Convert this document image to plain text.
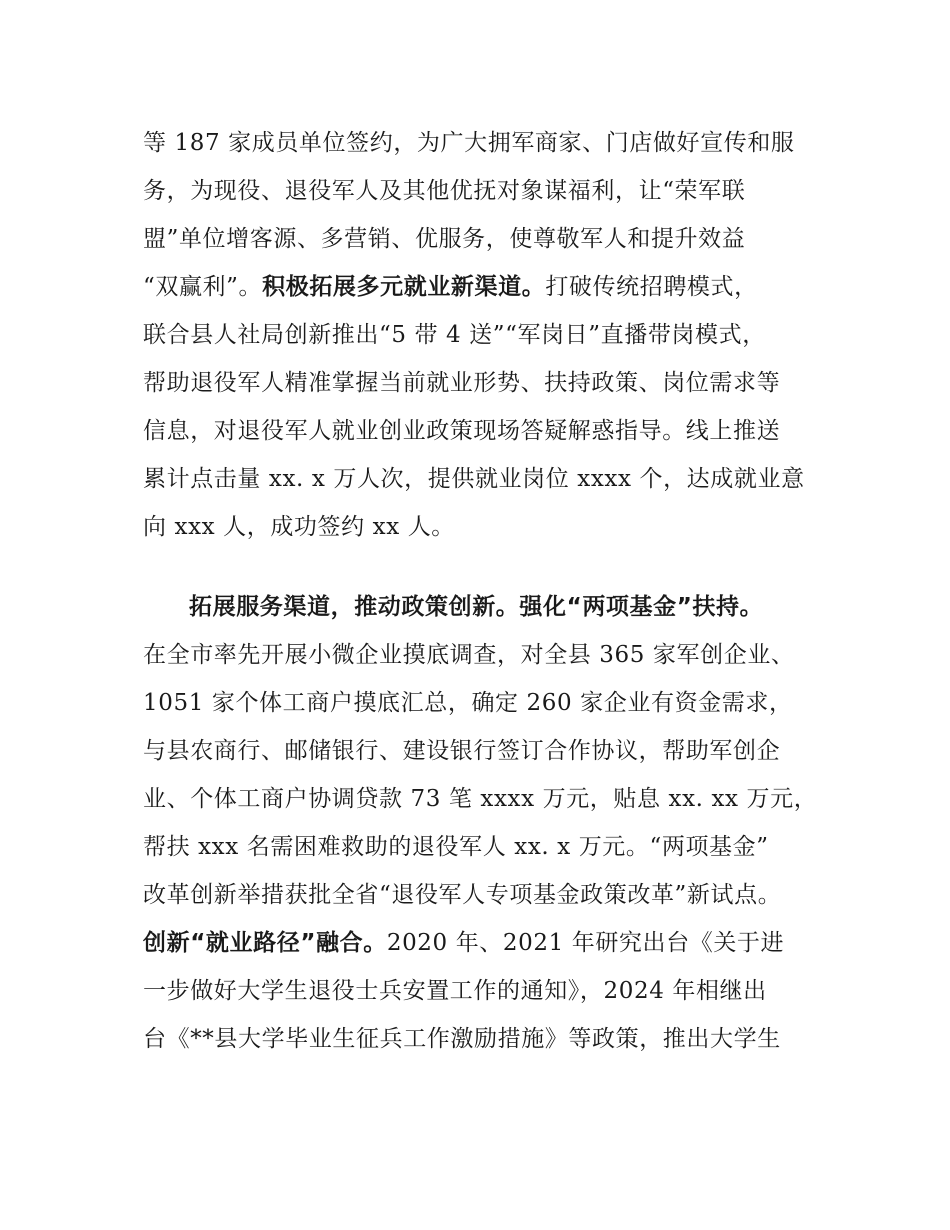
等 187 家成员单位签约，为广大拥军商家、门店做好宣传和服
务，为现役、退役军人及其他优抚对象谋福利，让“荣军联
盟”单位增客源、多营销、优服务，使尊敬军人和提升效益
“双赢利”。积极拓展多元就业新渠道。打破传统招聘模式，
联合县人社局创新推出“5 带 4 送”“军岗日”直播带岗模式，
帮助退役军人精准掌握当前就业形势、扶持政策、岗位需求等
信息，对退役军人就业创业政策现场答疑解惑指导。线上推送
累计点击量 xx. x 万人次，提供就业岗位 xxxx 个，达成就业意
向 xxx 人，成功签约 xx 人。
拓展服务渠道，推动政策创新。强化“两项基金”扶持。
在全市率先开展小微企业摸底调查，对全县 365 家军创企业、
1051 家个体工商户摸底汇总，确定 260 家企业有资金需求，
与县农商行、邮储银行、建设银行签订合作协议，帮助军创企
业、个体工商户协调贷款 73 笔 xxxx 万元，贴息 xx. xx 万元，
帮扶 xxx 名需困难救助的退役军人 xx. x 万元。“两项基金”
改革创新举措获批全省“退役军人专项基金政策改革”新试点。
创新“就业路径”融合。2020 年、2021 年研究出台《关于进
一步做好大学生退役士兵安置工作的通知》，2024 年相继出
台《**县大学毕业生征兵工作激励措施》等政策，推出大学生
